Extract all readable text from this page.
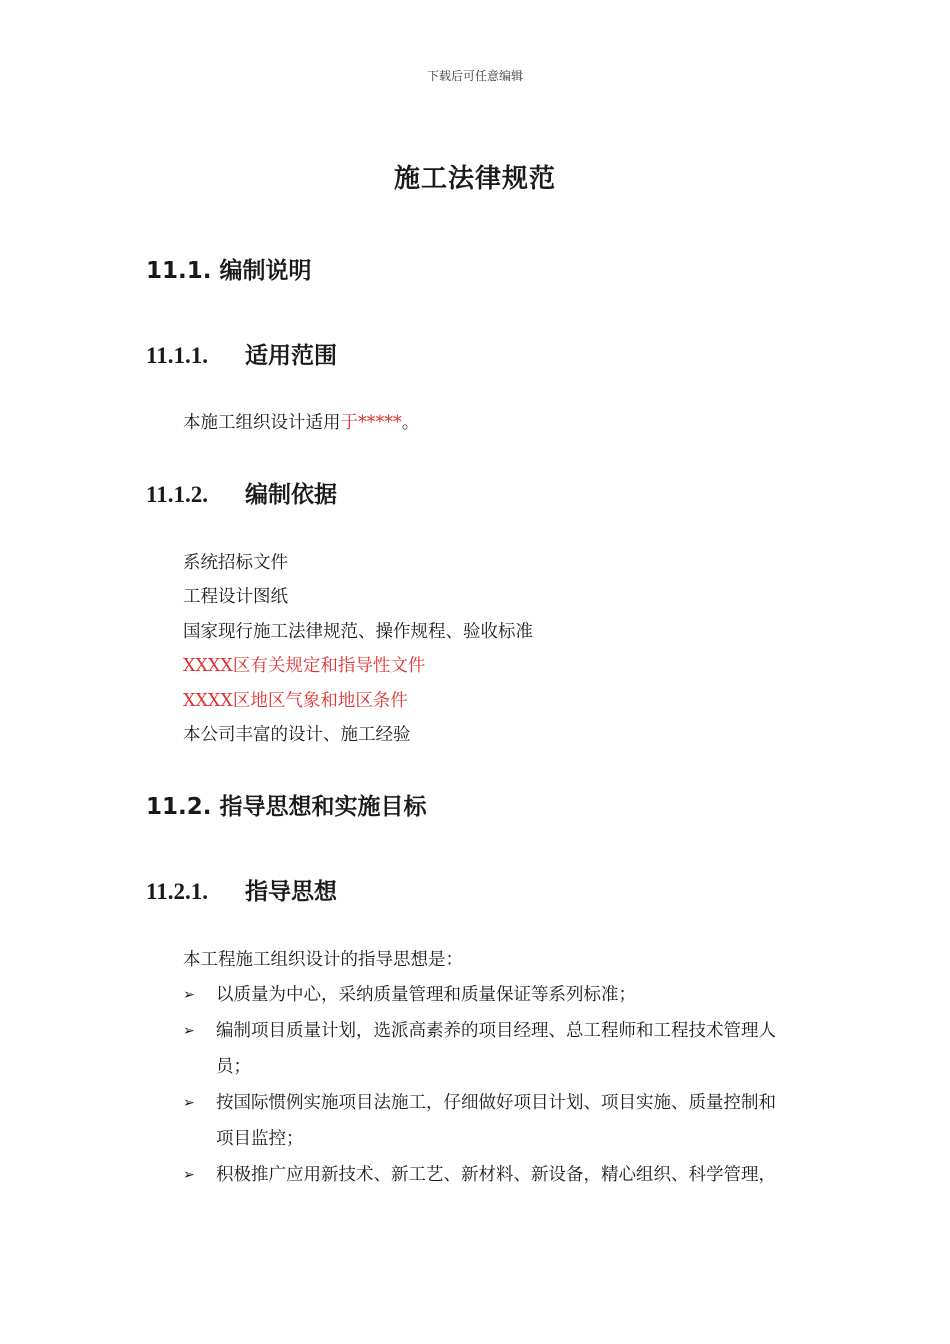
下载后可任意编辑
施工法律规范
11.1. 编制说明
11.1.1. 适用范围
本施工组织设计适用于*****。
11.1.2. 编制依据
系统招标文件
工程设计图纸
国家现行施工法律规范、操作规程、验收标准
XXXX区有关规定和指导性文件
XXXX区地区气象和地区条件
本公司丰富的设计、施工经验
11.2. 指导思想和实施目标
11.2.1. 指导思想
本工程施工组织设计的指导思想是：
➢	以质量为中心，采纳质量管理和质量保证等系列标准；
➢	编制项目质量计划，选派高素养的项目经理、总工程师和工程技术管理人
员；
➢	按国际惯例实施项目法施工，仔细做好项目计划、项目实施、质量控制和
项目监控；
➢	积极推广应用新技术、新工艺、新材料、新设备，精心组织、科学管理，
